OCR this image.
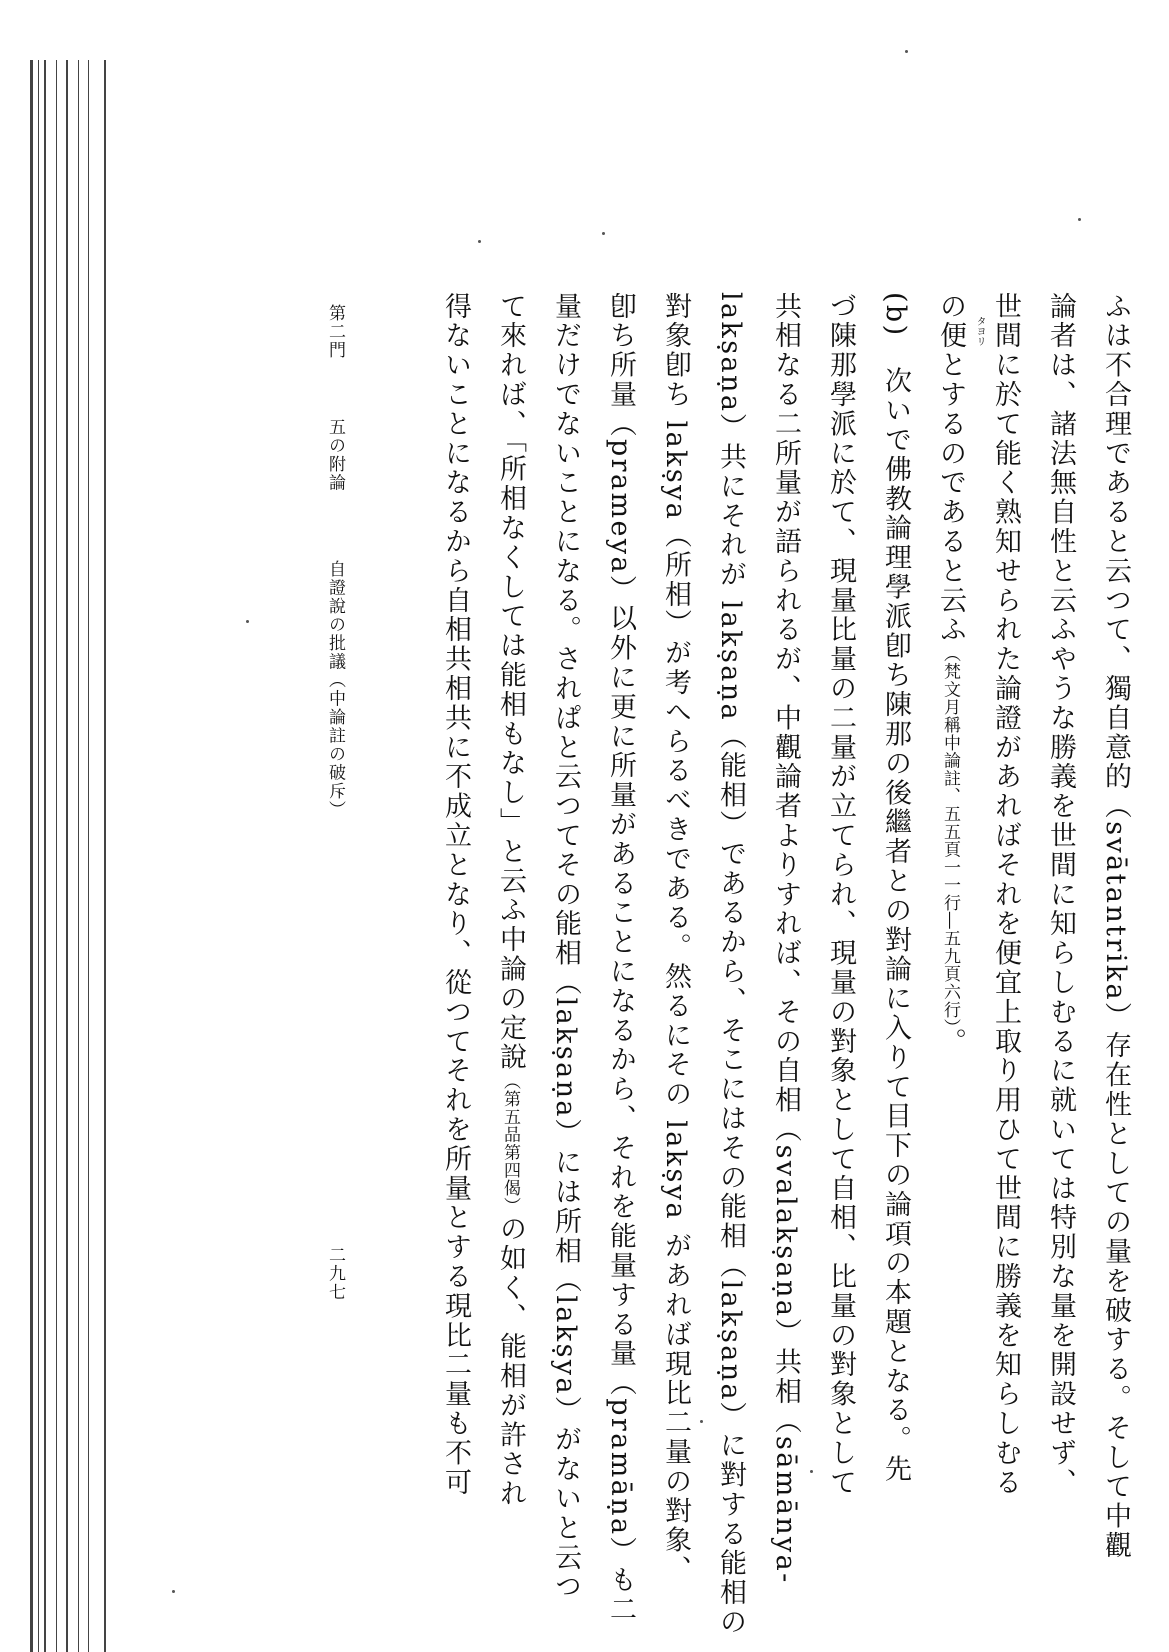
ふは不合理であると云つて、獨自意的（svātantrika）存在性としての量を破する。そして中觀
論者は、諸法無自性と云ふやうな勝義を世間に知らしむるに就いては特別な量を開設せず、
世間に於て能く熟知せられた論證があればそれを便宜上取り用ひて世間に勝義を知らしむる
の便とするのであると云ふ（梵文月稱中論註、五五頁一一行―五九頁六行）。
タヨリ
(b)　次いで佛教論理學派卽ち陳那の後繼者との對論に入りて目下の論項の本題となる。先
づ陳那學派に於て、現量比量の二量が立てられ、現量の對象として自相、比量の對象として
共相なる二所量が語られるが、中觀論者よりすれば、その自相（svalakṣaṇa）共相（sāmānya-
lakṣaṇa）共にそれが lakṣaṇa（能相）であるから、そこにはその能相（lakṣaṇa）に對する能相の
對象卽ち lakṣya（所相）が考へらるべきである。然るにその lakṣya があれば現比二量の對象、
卽ち所量（prameya）以外に更に所量があることになるから、それを能量する量（pramāṇa）も二
量だけでないことになる。されぱと云つてその能相（lakṣaṇa）には所相（lakṣya）がないと云つ
て來れば、「所相なくしては能相もなし」と云ふ中論の定說（第五品第四偈）の如く、能相が許され
得ないことになるから自相共相共に不成立となり、從つてそれを所量とする現比二量も不可
第二門
五の附論
自證說の批議（中論註の破斥）
二九七
